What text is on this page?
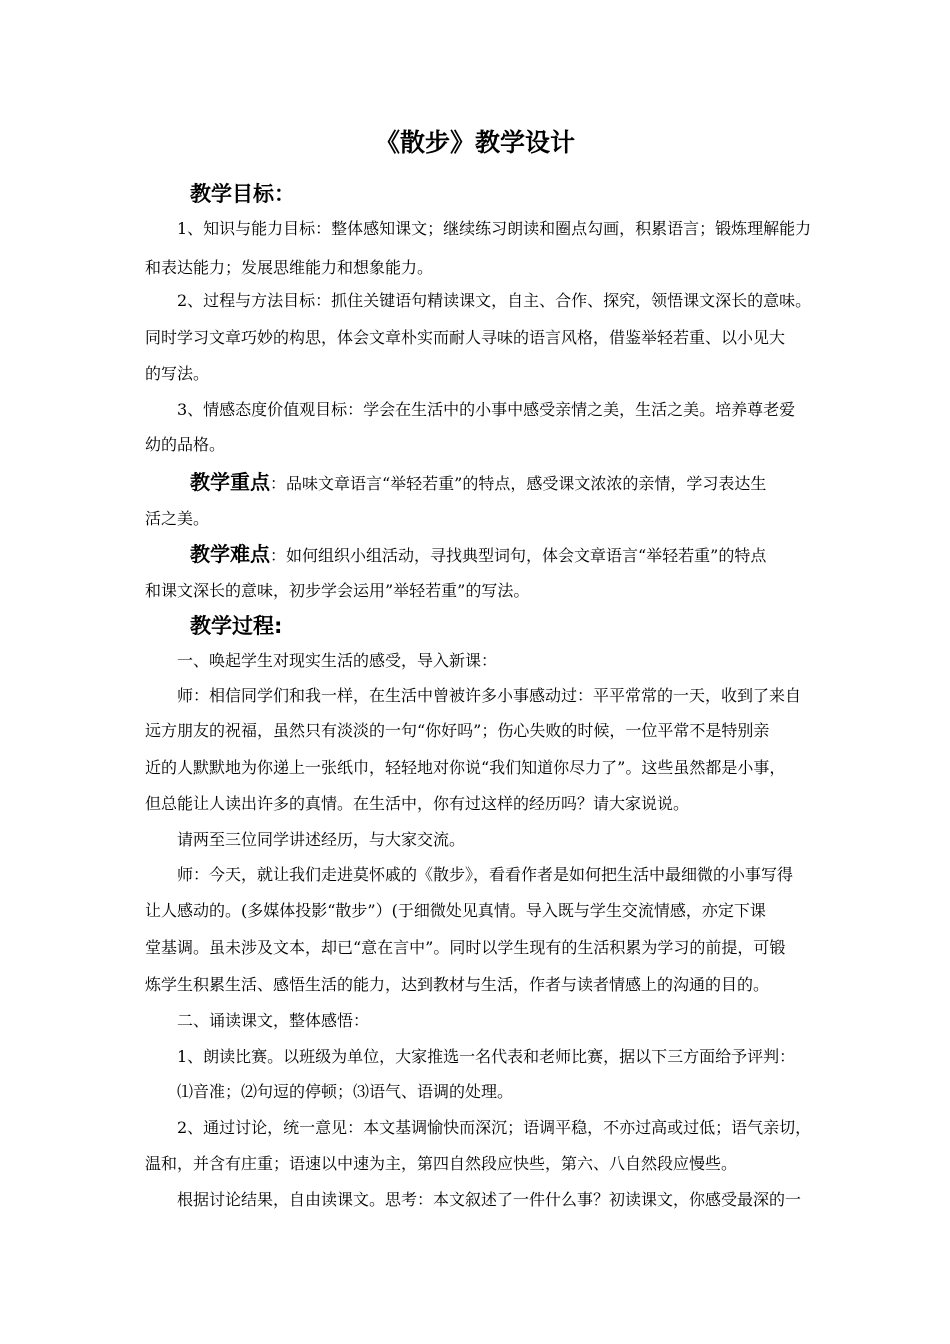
《散步》教学设计
教学目标：
1、知识与能力目标：整体感知课文；继续练习朗读和圈点勾画，积累语言；锻炼理解能力
和表达能力；发展思维能力和想象能力。
2、过程与方法目标：抓住关键语句精读课文，自主、合作、探究，领悟课文深长的意味。
同时学习文章巧妙的构思，体会文章朴实而耐人寻味的语言风格，借鉴举轻若重、以小见大
的写法。
3、情感态度价值观目标：学会在生活中的小事中感受亲情之美，生活之美。培养尊老爱
幼的品格。
教学重点：品味文章语言“举轻若重”的特点，感受课文浓浓的亲情，学习表达生
活之美。
教学难点：如何组织小组活动，寻找典型词句，体会文章语言“举轻若重”的特点
和课文深长的意味，初步学会运用”举轻若重”的写法。
教学过程:
一、唤起学生对现实生活的感受，导入新课：
师：相信同学们和我一样，在生活中曾被许多小事感动过：平平常常的一天，收到了来自
远方朋友的祝福，虽然只有淡淡的一句“你好吗”；伤心失败的时候，一位平常不是特别亲
近的人默默地为你递上一张纸巾，轻轻地对你说“我们知道你尽力了”。这些虽然都是小事，
但总能让人读出许多的真情。在生活中，你有过这样的经历吗？请大家说说。
请两至三位同学讲述经历，与大家交流。
师：今天，就让我们走进莫怀戚的《散步》，看看作者是如何把生活中最细微的小事写得
让人感动的。(多媒体投影“散步”）(于细微处见真情。导入既与学生交流情感，亦定下课
堂基调。虽未涉及文本，却已“意在言中”。同时以学生现有的生活积累为学习的前提，可锻
炼学生积累生活、感悟生活的能力，达到教材与生活，作者与读者情感上的沟通的目的。
二、诵读课文，整体感悟：
1、朗读比赛。以班级为单位，大家推选一名代表和老师比赛，据以下三方面给予评判：
⑴音准；⑵句逗的停顿；⑶语气、语调的处理。
2、通过讨论，统一意见：本文基调愉快而深沉；语调平稳，不亦过高或过低；语气亲切，
温和，并含有庄重；语速以中速为主，第四自然段应快些，第六、八自然段应慢些。
根据讨论结果，自由读课文。思考：本文叙述了一件什么事？初读课文，你感受最深的一
